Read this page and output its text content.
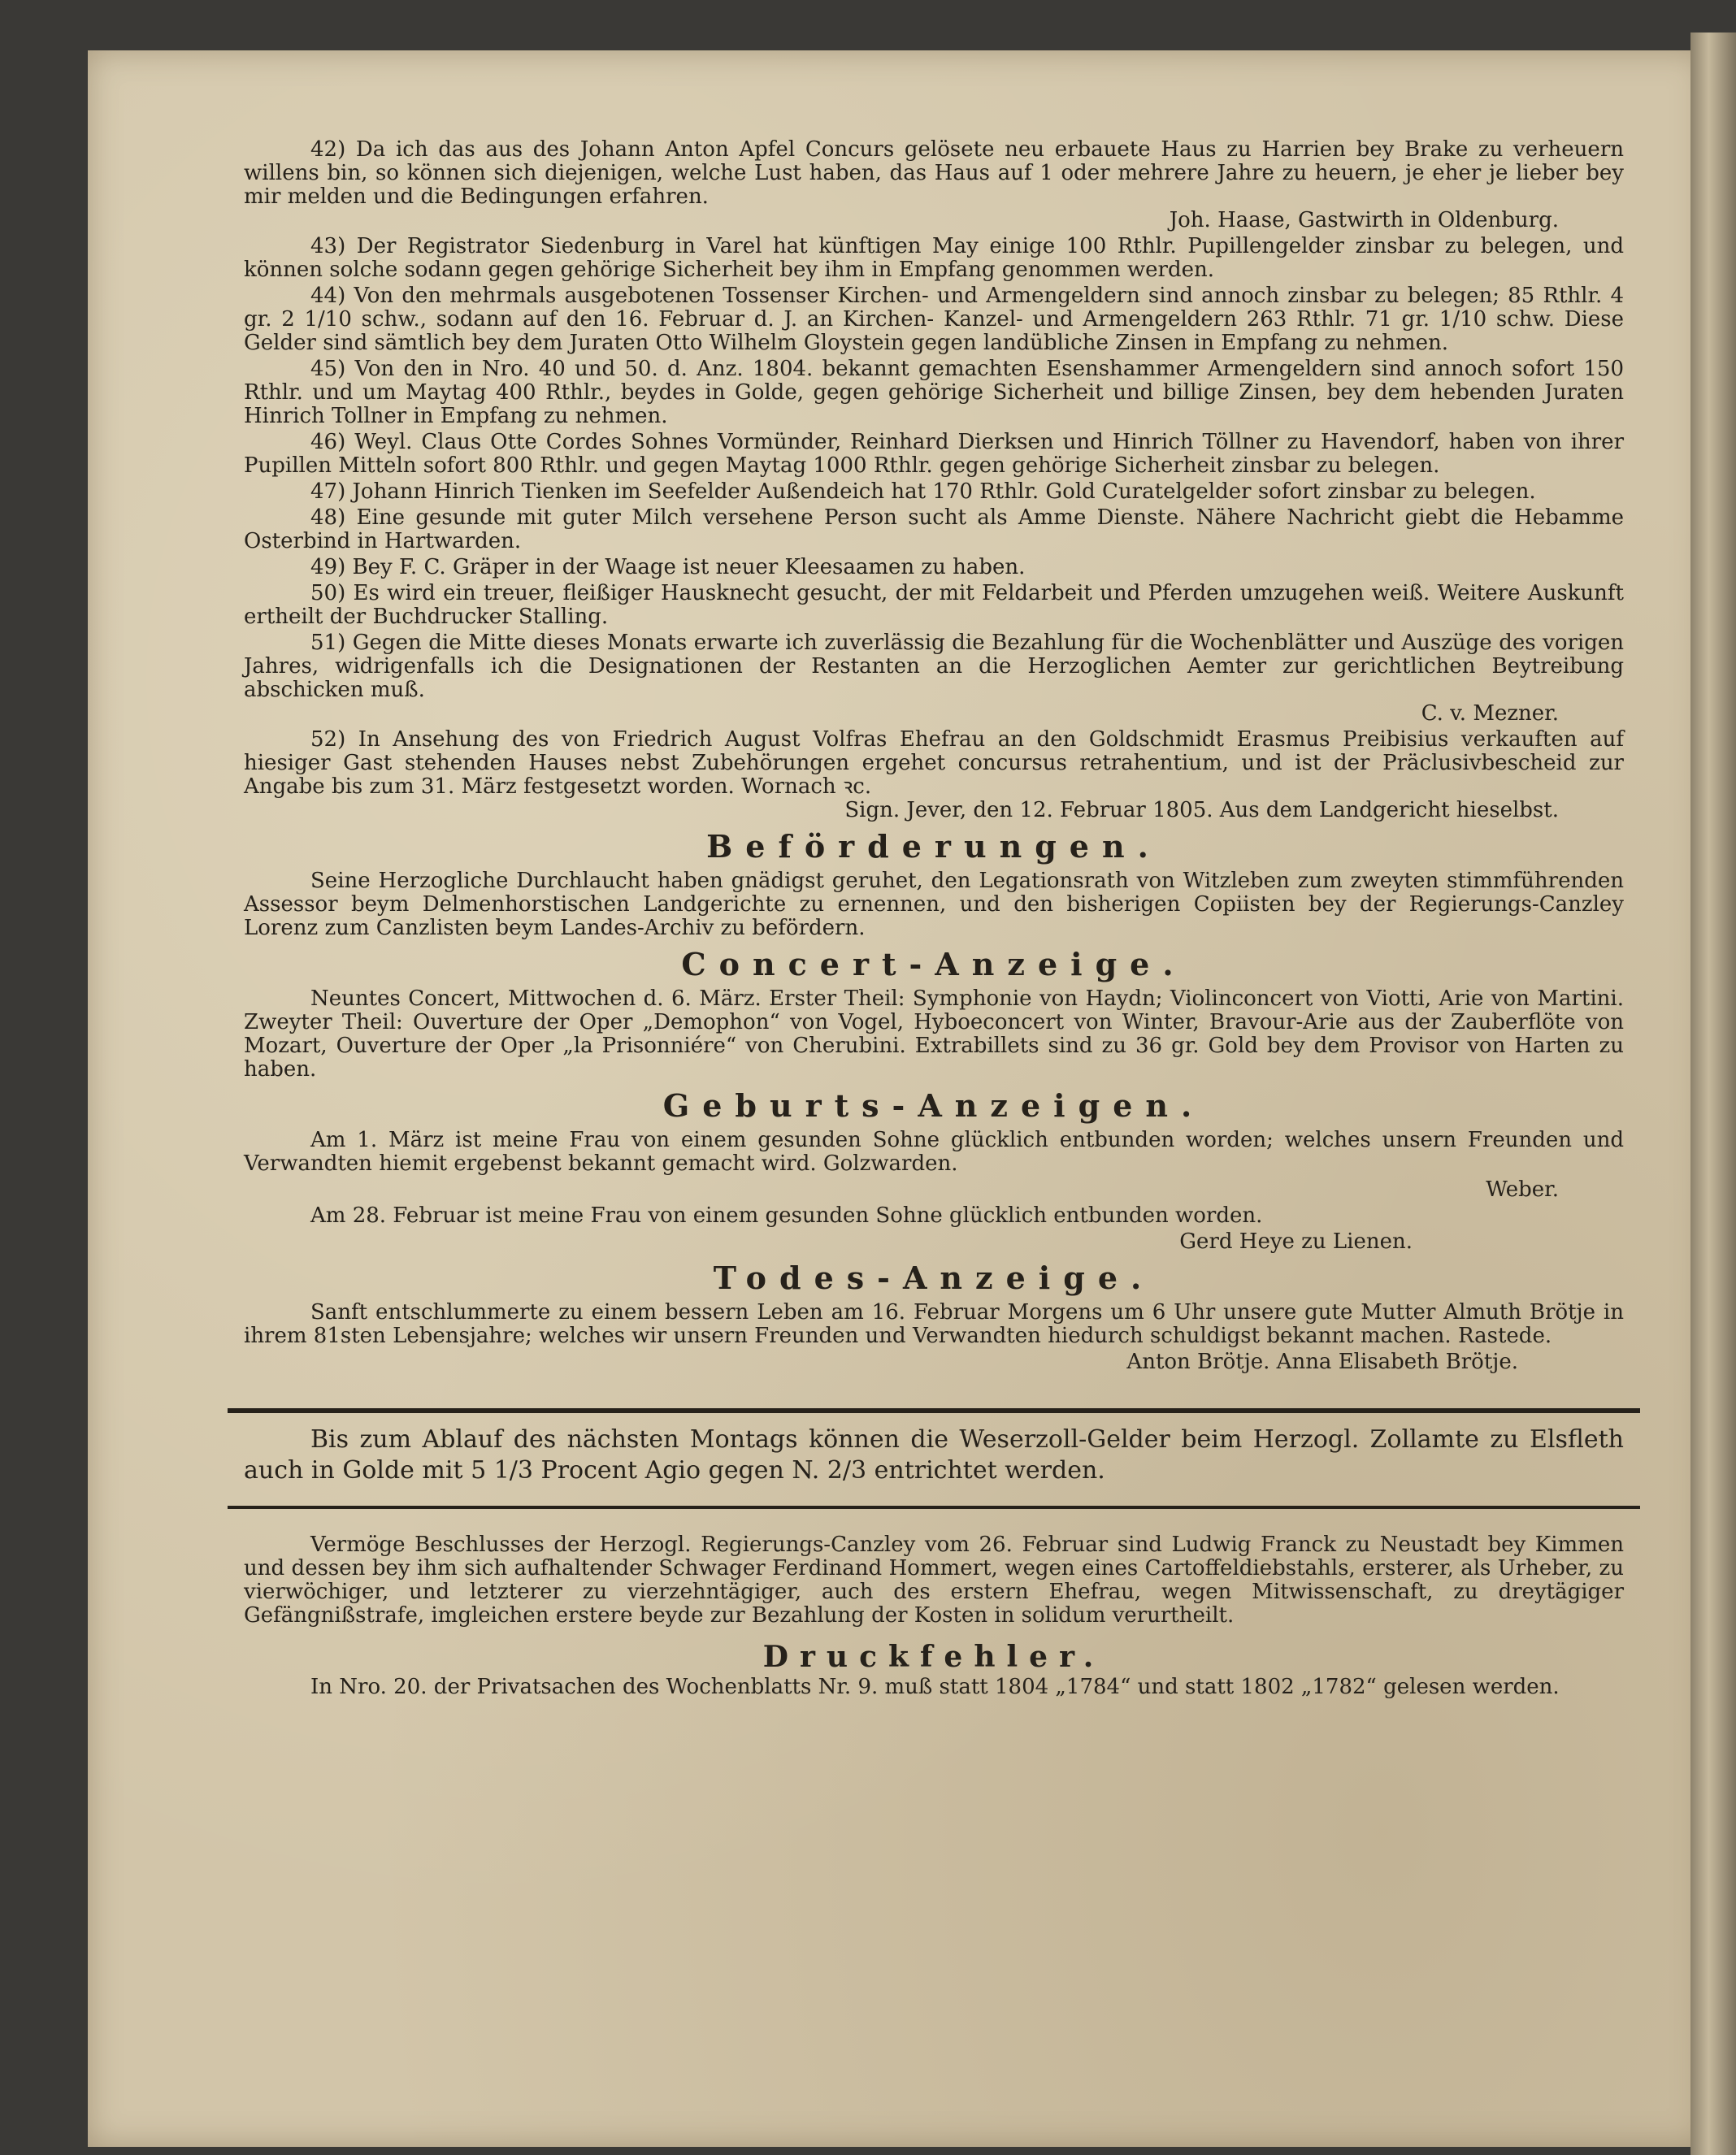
42) Da ich das aus des Johann Anton Apfel Concurs gelösete neu erbauete Haus zu Harrien bey Brake zu verheuern willens bin, so können sich diejenigen, welche Lust haben, das Haus auf 1 oder mehrere Jahre zu heuern, je eher je lieber bey mir melden und die Bedingungen erfahren.
Joh. Haase, Gastwirth in Oldenburg.

43) Der Registrator Siedenburg in Varel hat künftigen May einige 100 Rthlr. Pupillengelder zinsbar zu belegen, und können solche sodann gegen gehörige Sicherheit bey ihm in Empfang genommen werden.

44) Von den mehrmals ausgebotenen Tossenser Kirchen- und Armengeldern sind annoch zinsbar zu belegen; 85 Rthlr. 4 gr. 2 1/10 schw., sodann auf den 16. Februar d. J. an Kirchen- Kanzel- und Armengeldern 263 Rthlr. 71 gr. 1/10 schw. Diese Gelder sind sämtlich bey dem Juraten Otto Wilhelm Gloystein gegen landübliche Zinsen in Empfang zu nehmen.

45) Von den in Nro. 40 und 50. d. Anz. 1804. bekannt gemachten Esenshammer Armengeldern sind annoch sofort 150 Rthlr. und um Maytag 400 Rthlr., beydes in Golde, gegen gehörige Sicherheit und billige Zinsen, bey dem hebenden Juraten Hinrich Tollner in Empfang zu nehmen.

46) Weyl. Claus Otte Cordes Sohnes Vormünder, Reinhard Dierksen und Hinrich Töllner zu Havendorf, haben von ihrer Pupillen Mitteln sofort 800 Rthlr. und gegen Maytag 1000 Rthlr. gegen gehörige Sicherheit zinsbar zu belegen.

47) Johann Hinrich Tienken im Seefelder Außendeich hat 170 Rthlr. Gold Curatelgelder sofort zinsbar zu belegen.

48) Eine gesunde mit guter Milch versehene Person sucht als Amme Dienste. Nähere Nachricht giebt die Hebamme Osterbind in Hartwarden.

49) Bey F. C. Gräper in der Waage ist neuer Kleesaamen zu haben.

50) Es wird ein treuer, fleißiger Hausknecht gesucht, der mit Feldarbeit und Pferden umzugehen weiß. Weitere Auskunft ertheilt der Buchdrucker Stalling.

51) Gegen die Mitte dieses Monats erwarte ich zuverlässig die Bezahlung für die Wochenblätter und Auszüge des vorigen Jahres, widrigenfalls ich die Designationen der Restanten an die Herzoglichen Aemter zur gerichtlichen Beytreibung abschicken muß.
C. v. Mezner.

52) In Ansehung des von Friedrich August Volfras Ehefrau an den Goldschmidt Erasmus Preibisius verkauften auf hiesiger Gast stehenden Hauses nebst Zubehörungen ergehet concursus retrahentium, und ist der Präclusivbescheid zur Angabe bis zum 31. März festgesetzt worden. Wornach ꝛc.
Sign. Jever, den 12. Februar 1805. Aus dem Landgericht hieselbst.

Beförderungen.

Seine Herzogliche Durchlaucht haben gnädigst geruhet, den Legationsrath von Witzleben zum zweyten stimmführenden Assessor beym Delmenhorstischen Landgerichte zu ernennen, und den bisherigen Copiisten bey der Regierungs-Canzley Lorenz zum Canzlisten beym Landes-Archiv zu befördern.

Concert-Anzeige.

Neuntes Concert, Mittwochen d. 6. März. Erster Theil: Symphonie von Haydn; Violinconcert von Viotti, Arie von Martini. Zweyter Theil: Ouverture der Oper „Demophon“ von Vogel, Hyboeconcert von Winter, Bravour-Arie aus der Zauberflöte von Mozart, Ouverture der Oper „la Prisonniére“ von Cherubini. Extrabillets sind zu 36 gr. Gold bey dem Provisor von Harten zu haben.

Geburts-Anzeigen.

Am 1. März ist meine Frau von einem gesunden Sohne glücklich entbunden worden; welches unsern Freunden und Verwandten hiemit ergebenst bekannt gemacht wird. Golzwarden.

Weber.

Am 28. Februar ist meine Frau von einem gesunden Sohne glücklich entbunden worden.

Gerd Heye zu Lienen.

Todes-Anzeige.

Sanft entschlummerte zu einem bessern Leben am 16. Februar Morgens um 6 Uhr unsere gute Mutter Almuth Brötje in ihrem 81sten Lebensjahre; welches wir unsern Freunden und Verwandten hiedurch schuldigst bekannt machen. Rastede.

Anton Brötje. Anna Elisabeth Brötje.

Bis zum Ablauf des nächsten Montags können die Weserzoll-Gelder beim Herzogl. Zollamte zu Elsfleth auch in Golde mit 5 1/3 Procent Agio gegen N. 2/3 entrichtet werden.

Vermöge Beschlusses der Herzogl. Regierungs-Canzley vom 26. Februar sind Ludwig Franck zu Neustadt bey Kimmen und dessen bey ihm sich aufhaltender Schwager Ferdinand Hommert, wegen eines Cartoffeldiebstahls, ersterer, als Urheber, zu vierwöchiger, und letzterer zu vierzehntägiger, auch des erstern Ehefrau, wegen Mitwissenschaft, zu dreytägiger Gefängnißstrafe, imgleichen erstere beyde zur Bezahlung der Kosten in solidum verurtheilt.

Druckfehler.

In Nro. 20. der Privatsachen des Wochenblatts Nr. 9. muß statt 1804 „1784“ und statt 1802 „1782“ gelesen werden.
